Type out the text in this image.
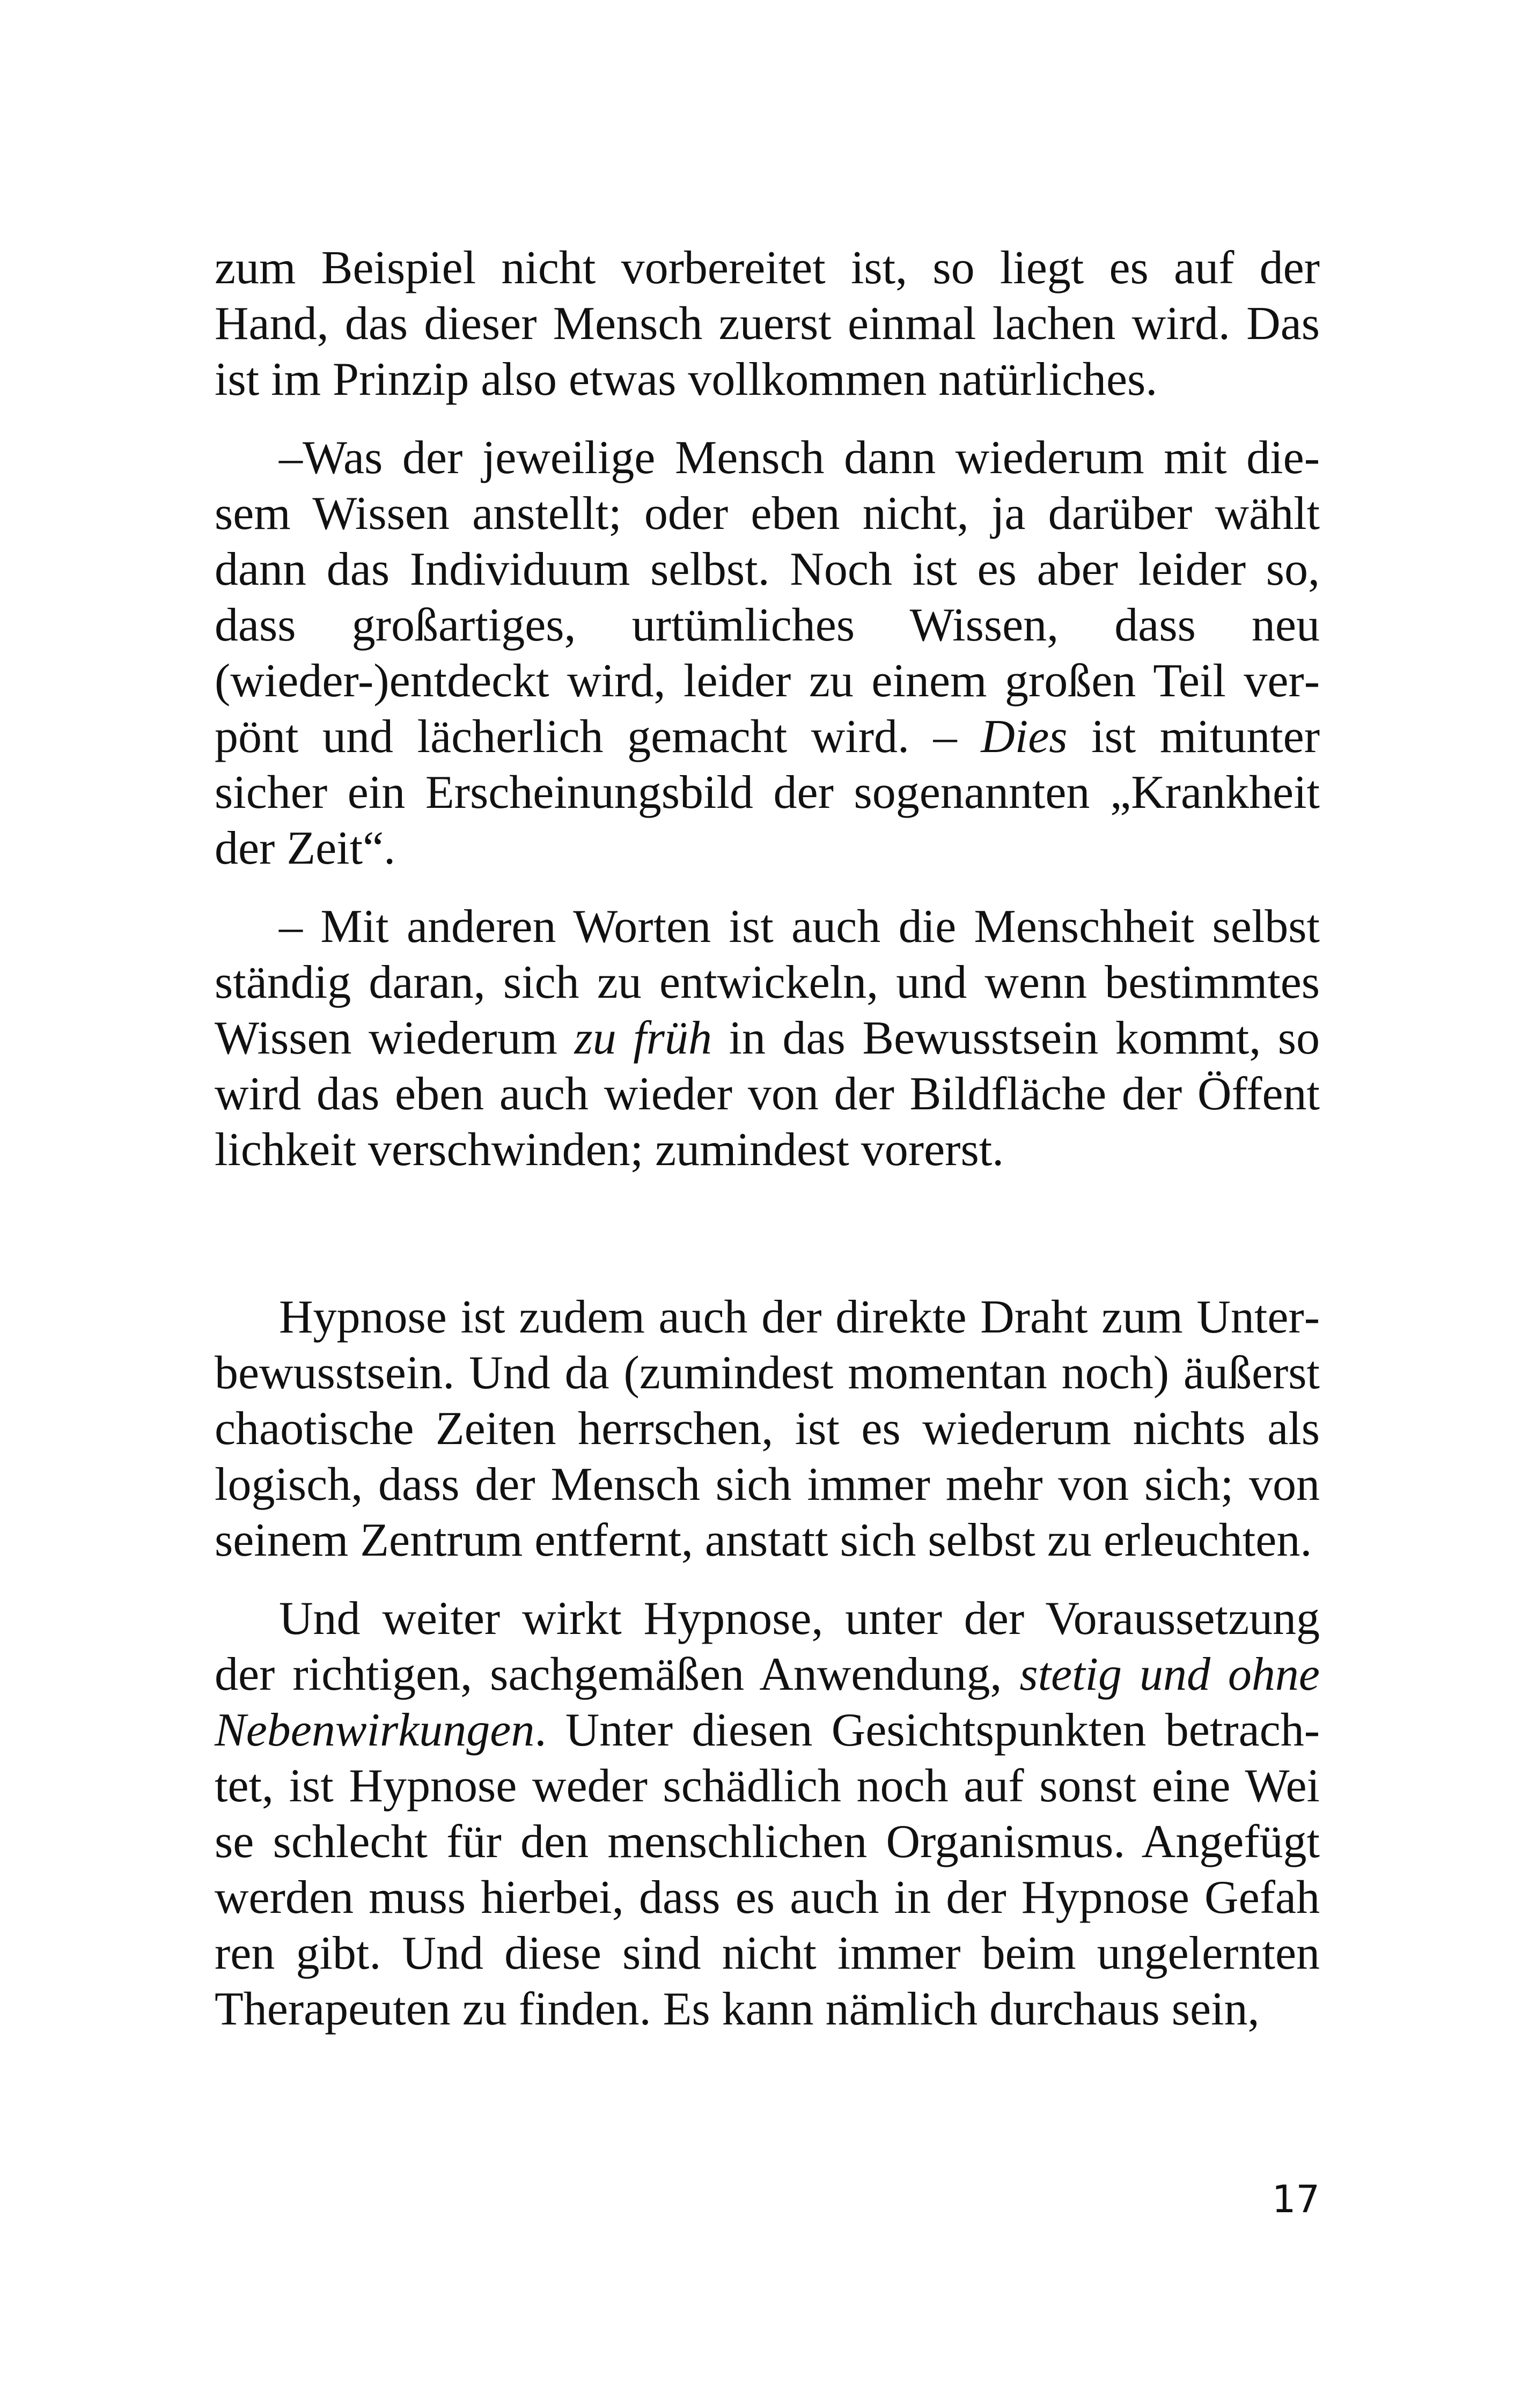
zum Beispiel nicht vorbereitet ist, so liegt es auf der Hand, das dieser Mensch zuerst einmal lachen wird. Das ist im Prinzip also etwas vollkommen natürliches.

–Was der jeweilige Mensch dann wiederum mit diesem Wissen anstellt; oder eben nicht, ja darüber wählt dann das Individuum selbst. Noch ist es aber leider so, dass großartiges, urtümliches Wissen, dass neu (wieder-)entdeckt wird, leider zu einem großen Teil verpönt und lächerlich gemacht wird. – Dies ist mitunter sicher ein Erscheinungsbild der sogenannten „Krankheit der Zeit“.

– Mit anderen Worten ist auch die Menschheit selbst ständig daran, sich zu entwickeln, und wenn bestimmtes Wissen wiederum zu früh in das Bewusstsein kommt, so wird das eben auch wieder von der Bildfläche der Öffent lichkeit verschwinden; zumindest vorerst.

Hypnose ist zudem auch der direkte Draht zum Unterbewusstsein. Und da (zumindest momentan noch) äußerst chaotische Zeiten herrschen, ist es wiederum nichts als logisch, dass der Mensch sich immer mehr von sich; von seinem Zentrum entfernt, anstatt sich selbst zu erleuchten.

Und weiter wirkt Hypnose, unter der Voraussetzung der richtigen, sachgemäßen Anwendung, stetig und ohne Nebenwirkungen. Unter diesen Gesichtspunkten betrachtet, ist Hypnose weder schädlich noch auf sonst eine Wei se schlecht für den menschlichen Organismus. Angefügt werden muss hierbei, dass es auch in der Hypnose Gefah ren gibt. Und diese sind nicht immer beim ungelernten Therapeuten zu finden. Es kann nämlich durchaus sein,

17
